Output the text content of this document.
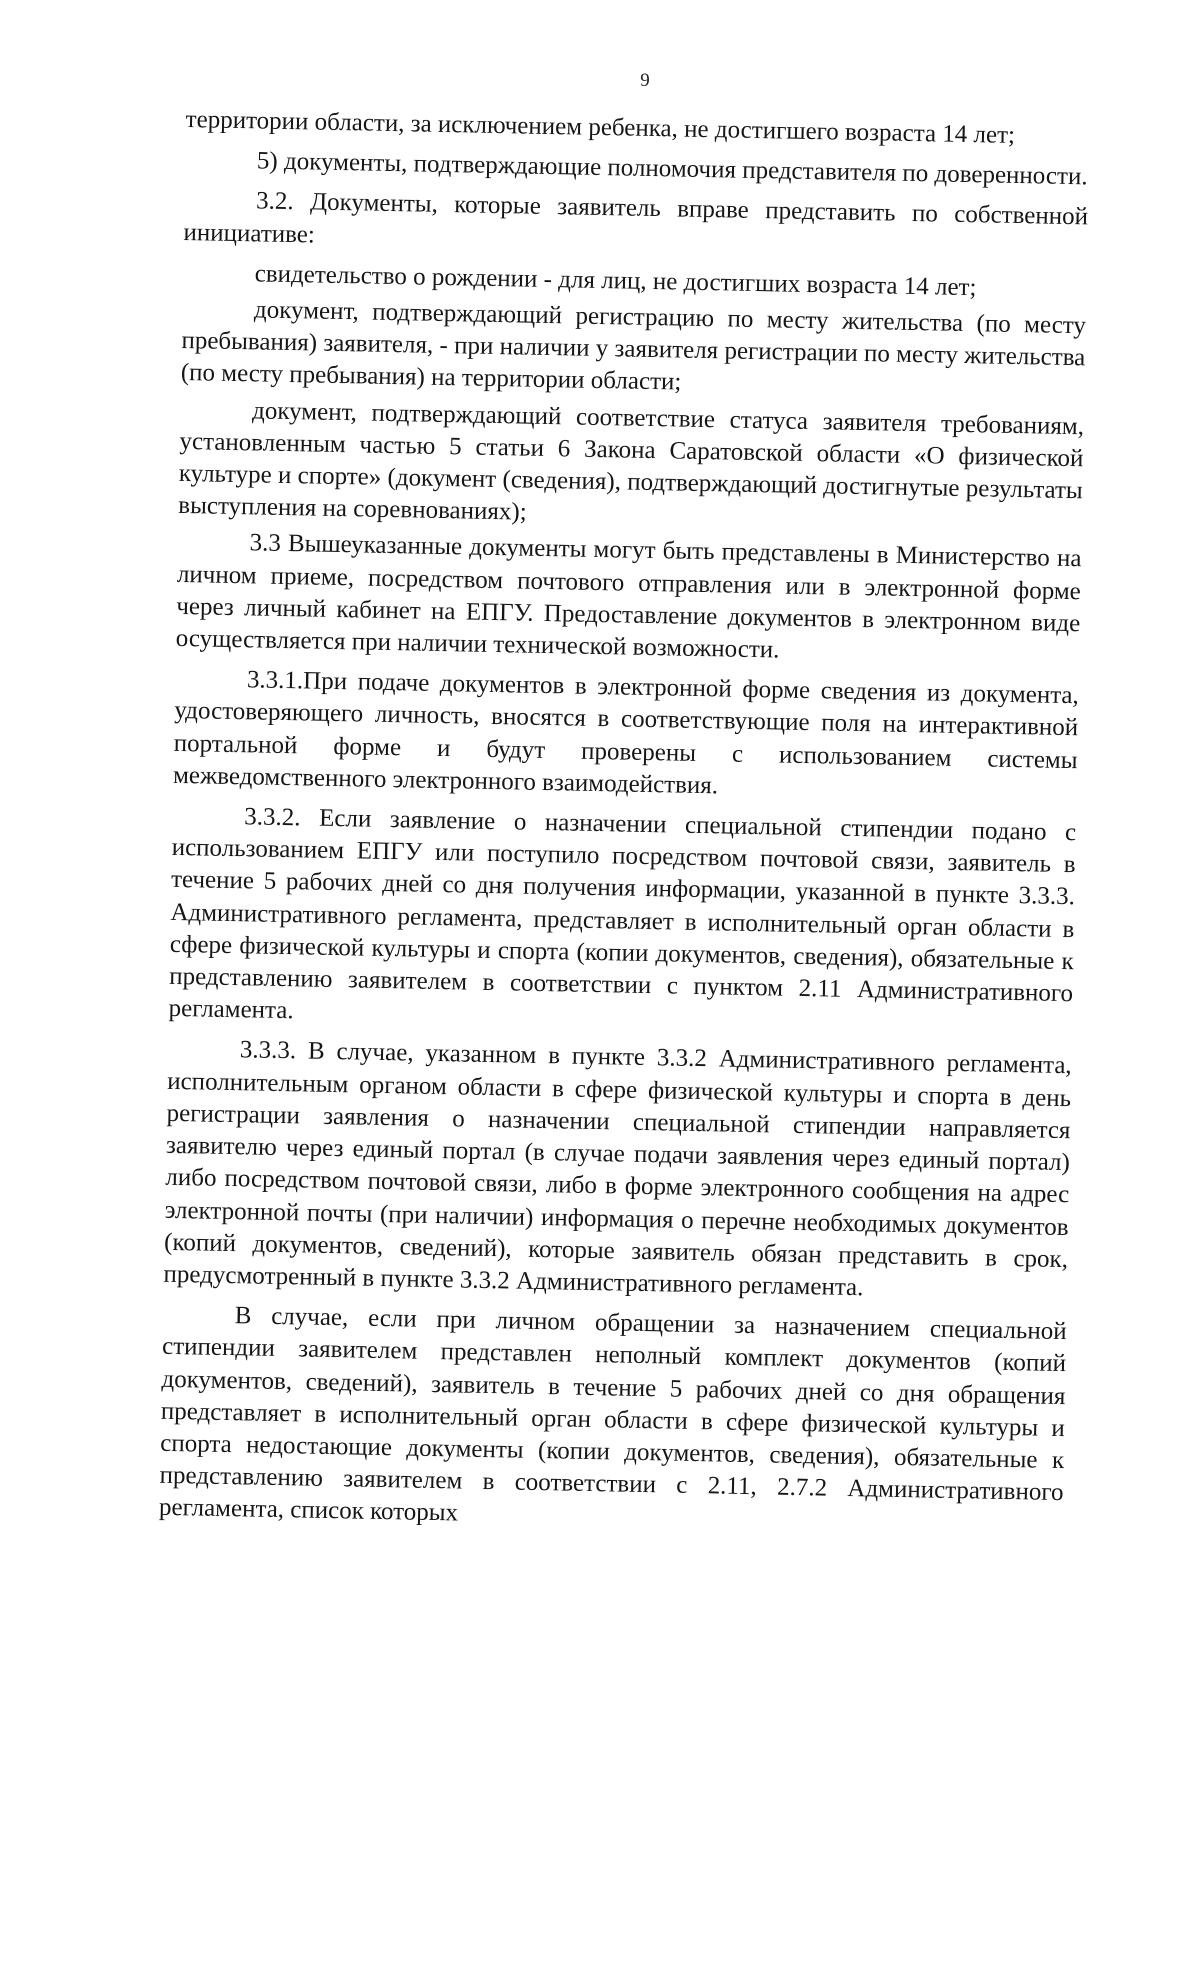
9

территории области, за исключением ребенка, не достигшего возраста 14 лет;

5) документы, подтверждающие полномочия представителя по доверенности.

3.2. Документы, которые заявитель вправе представить по собственной инициативе:

свидетельство о рождении - для лиц, не достигших возраста 14 лет;

документ, подтверждающий регистрацию по месту жительства (по месту пребывания) заявителя, - при наличии у заявителя регистрации по месту жительства (по месту пребывания) на территории области;

документ, подтверждающий соответствие статуса заявителя требованиям, установленным частью 5 статьи 6 Закона Саратовской области «О физической культуре и спорте» (документ (сведения), подтверждающий достигнутые результаты выступления на соревнованиях);

3.3 Вышеуказанные документы могут быть представлены в Министерство на личном приеме, посредством почтового отправления или в электронной форме через личный кабинет на ЕПГУ. Предоставление документов в электронном виде осуществляется при наличии технической возможности.

3.3.1.При подаче документов в электронной форме сведения из документа, удостоверяющего личность, вносятся в соответствующие поля на интерактивной портальной форме и будут проверены с использованием системы межведомственного электронного взаимодействия.

3.3.2. Если заявление о назначении специальной стипендии подано с использованием ЕПГУ или поступило посредством почтовой связи, заявитель в течение 5 рабочих дней со дня получения информации, указанной в пункте 3.3.3. Административного регламента, представляет в исполнительный орган области в сфере физической культуры и спорта (копии документов, сведения), обязательные к представлению заявителем в соответствии с пунктом 2.11 Административного регламента.

3.3.3. В случае, указанном в пункте 3.3.2 Административного регламента, исполнительным органом области в сфере физической культуры и спорта в день регистрации заявления о назначении специальной стипендии направляется заявителю через единый портал (в случае подачи заявления через единый портал) либо посредством почтовой связи, либо в форме электронного сообщения на адрес электронной почты (при наличии) информация о перечне необходимых документов (копий документов, сведений), которые заявитель обязан представить в срок, предусмотренный в пункте 3.3.2 Административного регламента.

В случае, если при личном обращении за назначением специальной стипендии заявителем представлен неполный комплект документов (копий документов, сведений), заявитель в течение 5 рабочих дней со дня обращения представляет в исполнительный орган области в сфере физической культуры и спорта недостающие документы (копии документов, сведения), обязательные к представлению заявителем в соответствии с 2.11, 2.7.2 Административного регламента, список которых
